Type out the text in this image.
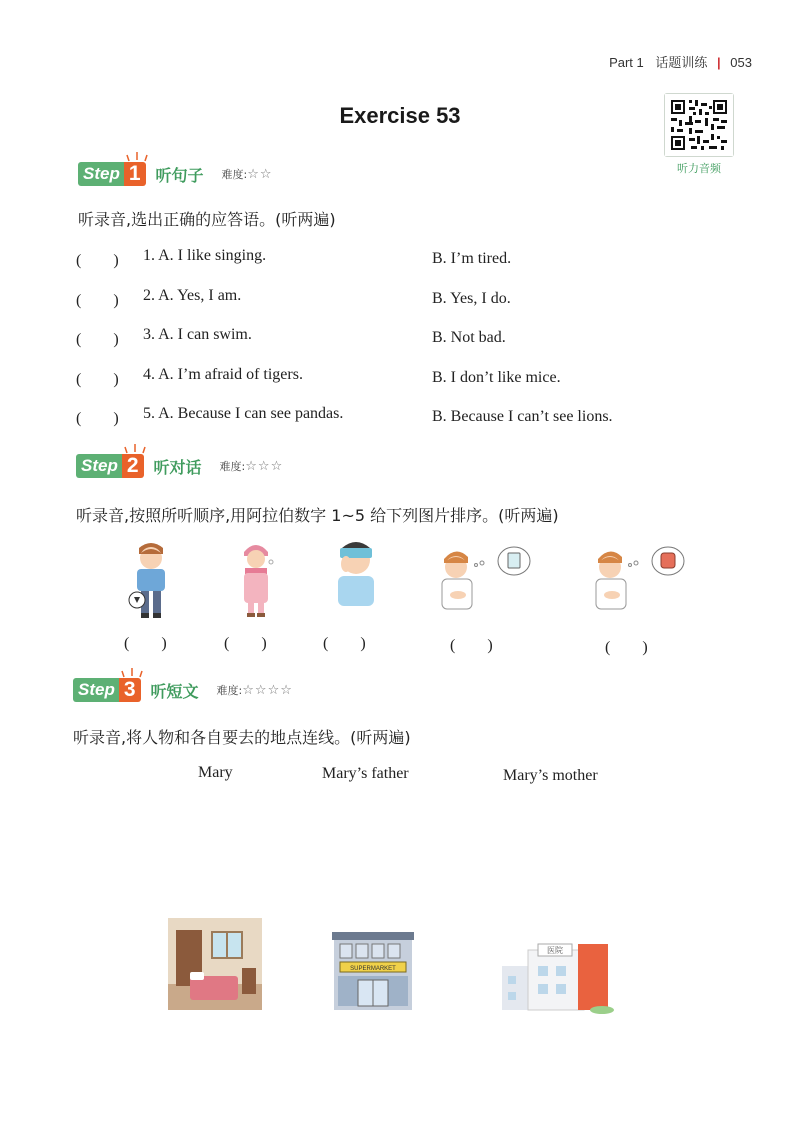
Part 1 话题训练 | 053
Exercise 53
听力音频
Step 1 听句子 难度: ☆☆
听录音,选出正确的应答语。(听两遍)
(　　) 1. A. I like singing.	B. I’m tired.
(　　) 2. A. Yes, I am.	B. Yes, I do.
(　　) 3. A. I can swim.	B. Not bad.
(　　) 4. A. I’m afraid of tigers.	B. I don’t like mice.
(　　) 5. A. Because I can see pandas.	B. Because I can’t see lions.
Step 2 听对话 难度: ☆☆☆
听录音,按照所听顺序,用阿拉伯数字 1~5 给下列图片排序。(听两遍)
(　　)	(　　)	(　　)	(　　)	(　　)
Step 3 听短文 难度: ☆☆☆☆
听录音,将人物和各自要去的地点连线。(听两遍)
Mary	Mary’s father	Mary’s mother
SUPERMARKET
医院
